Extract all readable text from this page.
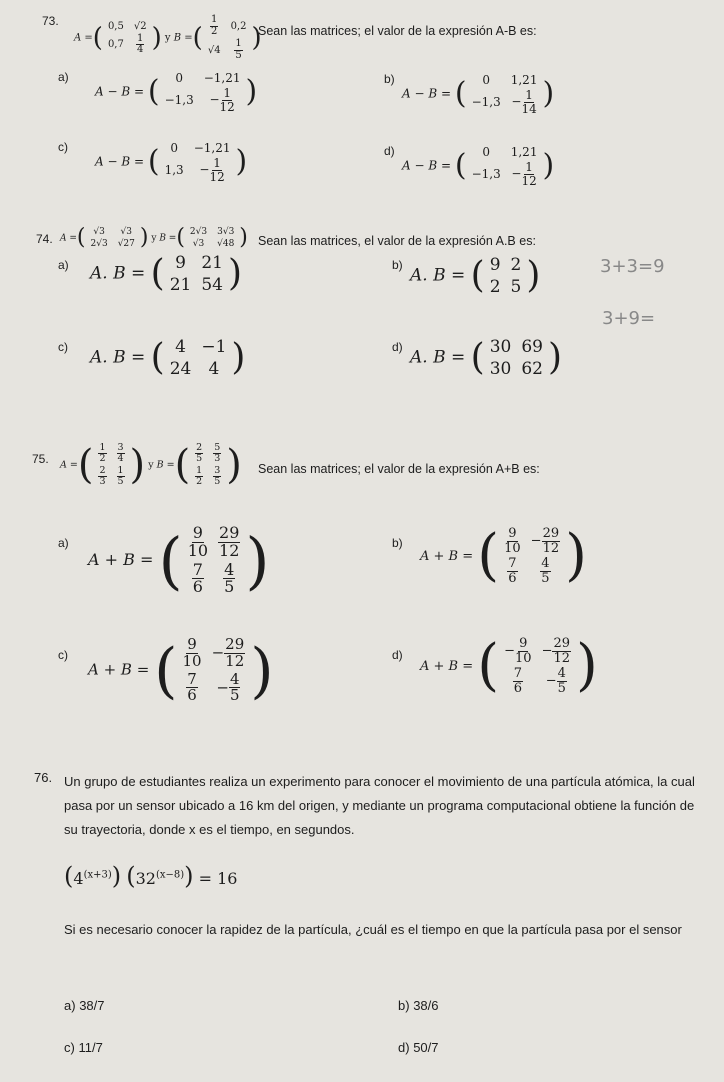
73.
A = ( 0,5	√2
0,7	$\frac{1}{4}$ ) y B = ( $\frac{1}{2}$	0,2
√4	$\frac{1}{5}$ )
Sean las matrices; el valor de la expresión A-B es:
a)
A − B = ( 0	−1,21
−1,3	− $\frac{1}{12}$ )	b)
A − B = ( 0	1,21
−1,3	− $\frac{1}{14}$ )
c)
A − B = ( 0	−1,21
1,3	− $\frac{1}{12}$ )	d)
A − B = ( 0	1,21
−1,3	− $\frac{1}{12}$ )
74. A = ( √3	√3
2√3	√27 ) y B = ( 2√3	3√3
√3	√48 ) Sean las matrices, el valor de la expresión A.B es:
a) A. B = ( 9	21
21	54 )	b)
A. B = ( 9	2
2	5 )	3+3=9
3+9=
c)
A. B = ( 4	−1
24	4 )	d)
A. B = ( 30	69
30	62 )
75. A = ( $\frac{1}{2}$	$\frac{3}{4}$

$\frac{2}{3}$	$\frac{1}{5}$ ) y B = ( $\frac{2}{5}$	$\frac{5}{3}$

$\frac{1}{2}$	$\frac{3}{5}$ ) Sean las matrices; el valor de la expresión A+B es:
a)
A + B = ( $\frac{9}{10}$	$\frac{29}{12}$

$\frac{7}{6}$	$\frac{4}{5}$ )	b)
A + B = ( $\frac{9}{10}$	− $\frac{29}{12}$

$\frac{7}{6}$	$\frac{4}{5}$ )
c)
A + B = ( $\frac{9}{10}$	− $\frac{29}{12}$

$\frac{7}{6}$	− $\frac{4}{5}$ )	d)
A + B = ( − $\frac{9}{10}$	− $\frac{29}{12}$

$\frac{7}{6}$	− $\frac{4}{5}$ )
76. Un grupo de estudiantes realiza un experimento para conocer el movimiento de una partícula atómica, la cual pasa por un sensor ubicado a 16 km del origen, y mediante un programa computacional obtiene la función de su trayectoria, donde x es el tiempo, en segundos.
$(4^{(x+3)}) (32^{(x-8)}) = 16$
Si es necesario conocer la rapidez de la partícula, ¿cuál es el tiempo en que la partícula pasa por el sensor
a) 38/7	b) 38/6
c) 11/7	d) 50/7
